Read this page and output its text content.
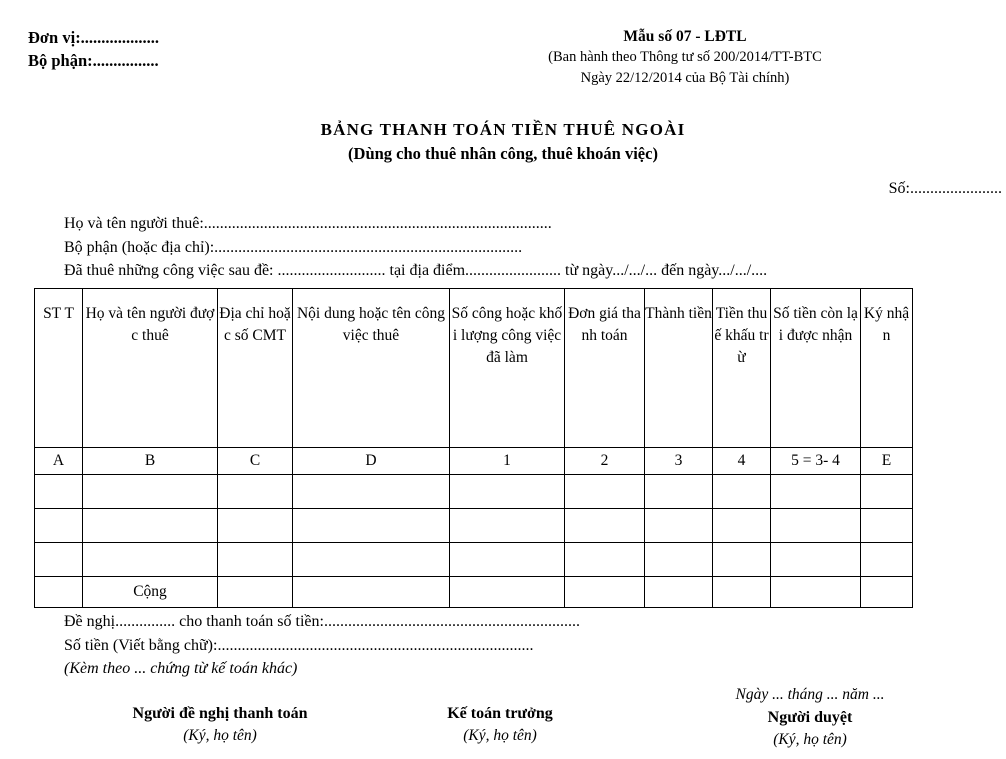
Đơn vị:...................
Bộ phận:................
Mẫu số 07 - LĐTL
(Ban hành theo Thông tư số 200/2014/TT-BTC
Ngày 22/12/2014 của Bộ Tài chính)
BẢNG THANH TOÁN TIỀN THUÊ NGOÀI
(Dùng cho thuê nhân công, thuê khoán việc)
Số:.......................
Họ và tên người thuê:.......................................................................................
Bộ phận (hoặc địa chỉ):.............................................................................
Đã thuê những công việc sau đề: ........................... tại địa điểm........................ từ ngày.../.../... đến ngày.../.../....
ST T	Họ và tên người được thuê	Địa chỉ hoặc số CMT	Nội dung hoặc tên công việc thuê	Số công hoặc khối lượng công việc đã làm	Đơn giá thanh toán	Thành tiền	Tiền thuế khấu trừ	Số tiền còn lại được nhận	Ký nhận
A	B	C	D	1	2	3	4	5 = 3- 4	E

	Cộng								
Đề nghị............... cho thanh toán số tiền:................................................................
Số tiền (Viết bằng chữ):...............................................................................
(Kèm theo ... chứng từ kế toán khác)
Người đề nghị thanh toán
(Ký, họ tên)
Kế toán trưởng
(Ký, họ tên)
Ngày ... tháng ... năm ...
Người duyệt
(Ký, họ tên)
